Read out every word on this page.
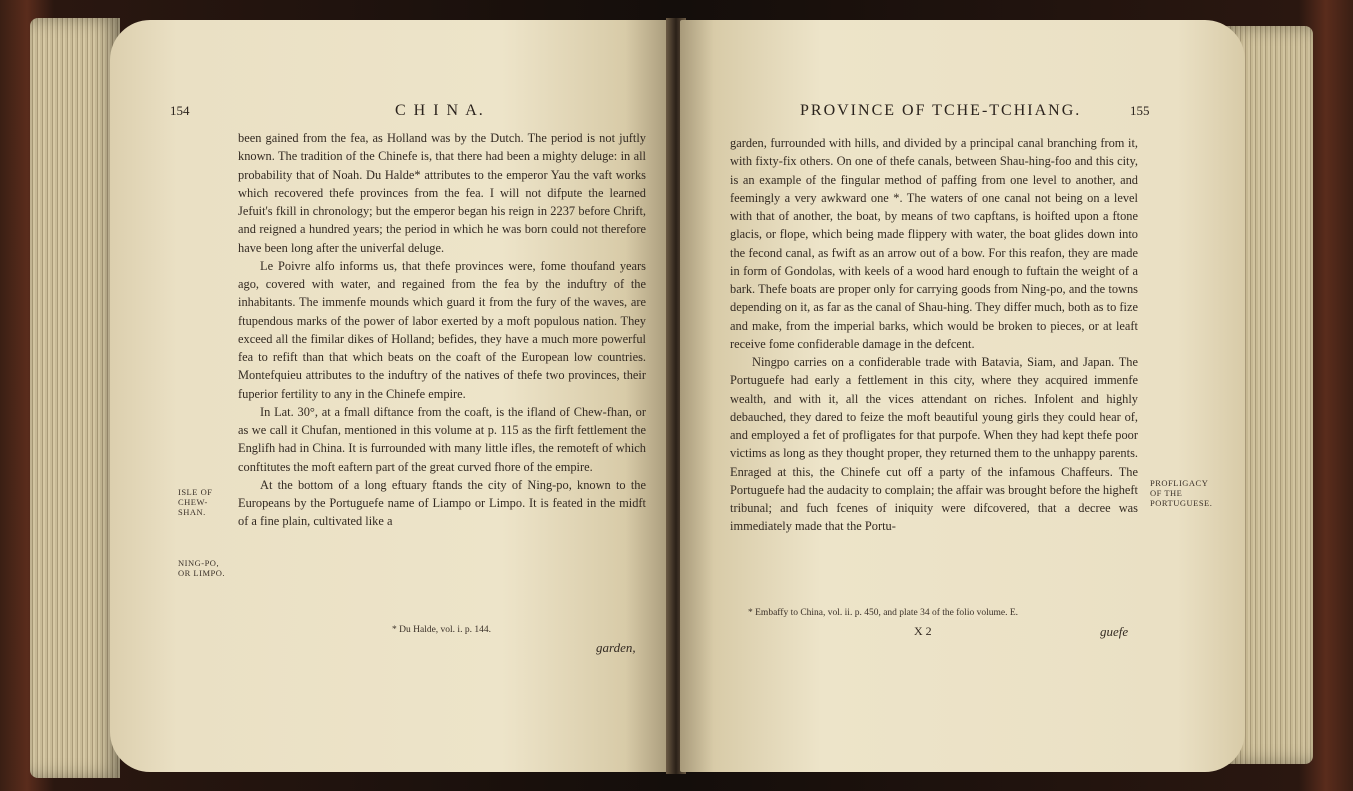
154	C H I N A.

been gained from the fea, as Holland was by the Dutch. The period is not juftly known. The tradition of the Chinefe is, that there had been a mighty deluge: in all probability that of Noah. Du Halde* attributes to the emperor Yau the vaft works which recovered thefe provinces from the fea. I will not difpute the learned Jefuit's fkill in chronology; but the emperor began his reign in 2237 before Chrift, and reigned a hundred years; the period in which he was born could not therefore have been long after the univerfal deluge.

Le Poivre alfo informs us, that thefe provinces were, fome thoufand years ago, covered with water, and regained from the fea by the induftry of the inhabitants. The immenfe mounds which guard it from the fury of the waves, are ftupendous marks of the power of labor exerted by a moft populous nation. They exceed all the fimilar dikes of Holland; befides, they have a much more powerful fea to refift than that which beats on the coaft of the European low countries. Montefquieu attributes to the induftry of the natives of thefe two provinces, their fuperior fertility to any in the Chinefe empire.

In Lat. 30°, at a fmall diftance from the coaft, is the ifland of Chew-fhan, or as we call it Chufan, mentioned in this volume at p. 115 as the firft fettlement the Englifh had in China. It is furrounded with many little ifles, the remoteft of which conftitutes the moft eaftern part of the great curved fhore of the empire.

At the bottom of a long eftuary ftands the city of Ning-po, known to the Europeans by the Portuguefe name of Liampo or Limpo. It is feated in the midft of a fine plain, cultivated like a

ISLE OF CHEW-SHAN.
NING-PO, OR LIMPO.
* Du Halde, vol. i. p. 144.
garden,
PROVINCE OF TCHE-TCHIANG.	155

garden, furrounded with hills, and divided by a principal canal branching from it, with fixty-fix others. On one of thefe canals, between Shau-hing-foo and this city, is an example of the fingular method of paffing from one level to another, and feemingly a very awkward one *. The waters of one canal not being on a level with that of another, the boat, by means of two capftans, is hoifted upon a ftone glacis, or flope, which being made flippery with water, the boat glides down into the fecond canal, as fwift as an arrow out of a bow. For this reafon, they are made in form of Gondolas, with keels of a wood hard enough to fuftain the weight of a bark. Thefe boats are proper only for carrying goods from Ning-po, and the towns depending on it, as far as the canal of Shau-hing. They differ much, both as to fize and make, from the imperial barks, which would be broken to pieces, or at leaft receive fome confiderable damage in the defcent.

Ningpo carries on a confiderable trade with Batavia, Siam, and Japan. The Portuguefe had early a fettlement in this city, where they acquired immenfe wealth, and with it, all the vices attendant on riches. Infolent and highly debauched, they dared to feize the moft beautiful young girls they could hear of, and employed a fet of profligates for that purpofe. When they had kept thefe poor victims as long as they thought proper, they returned them to the unhappy parents. Enraged at this, the Chinefe cut off a party of the infamous Chaffeurs. The Portuguefe had the audacity to complain; the affair was brought before the higheft tribunal; and fuch fcenes of iniquity were difcovered, that a decree was immediately made that the Portu-

PROFLIGACY OF THE PORTUGUESE.
* Embaffy to China, vol. ii. p. 450, and plate 34 of the folio volume. E.
X 2	guefe
